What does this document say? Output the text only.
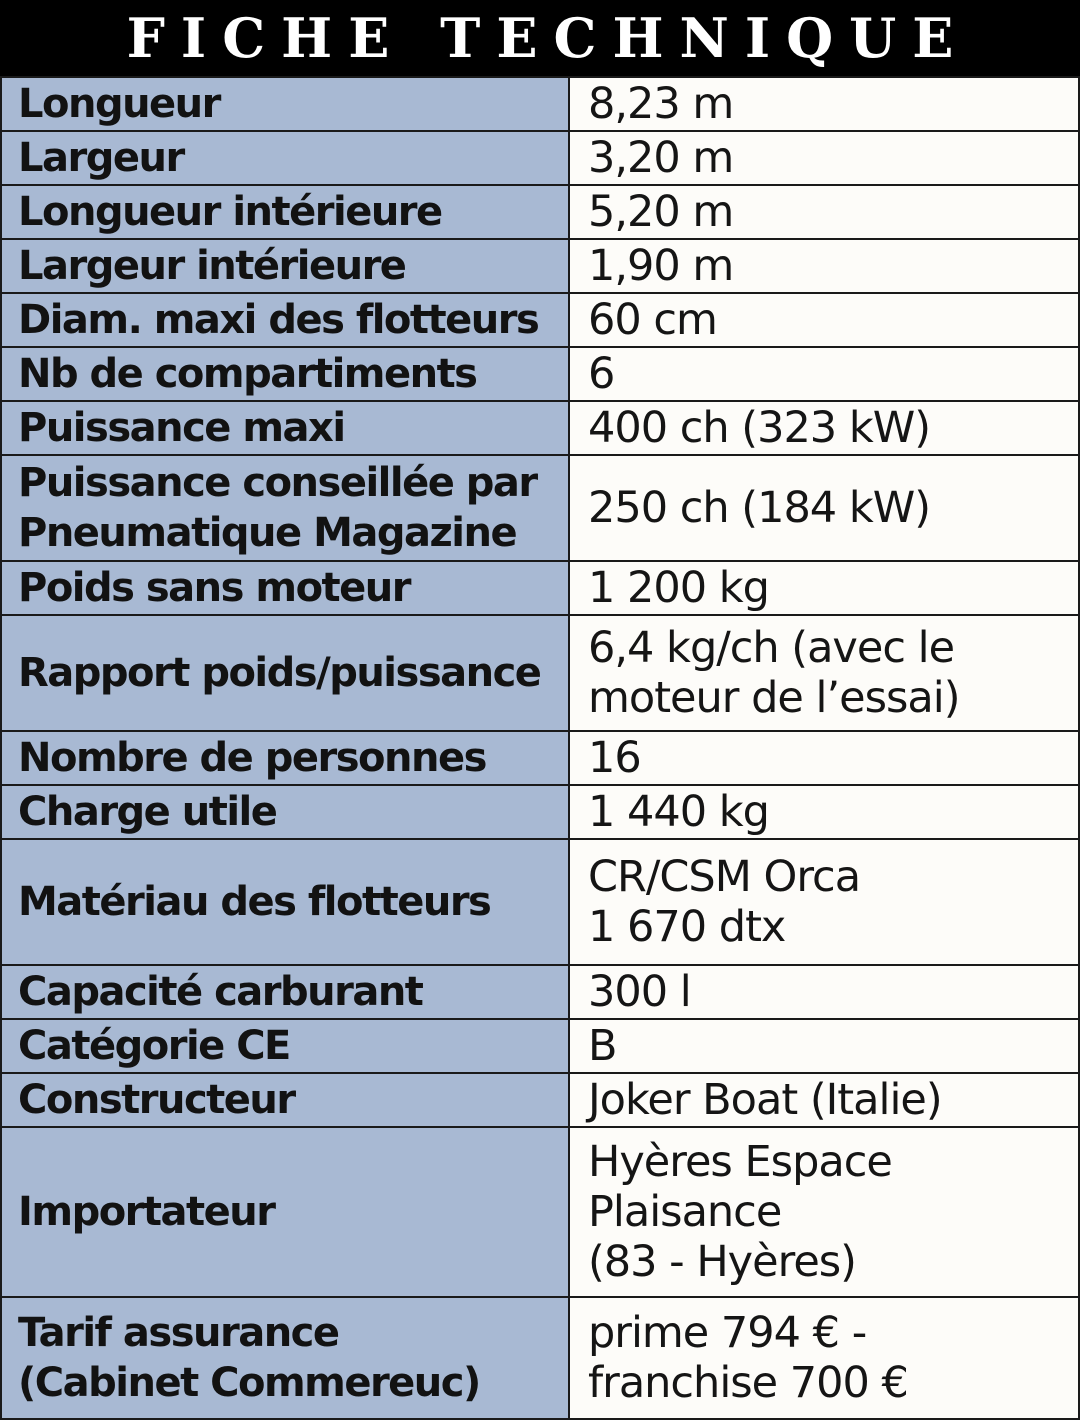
FICHE TECHNIQUE
Longueur	8,23 m

Largeur	3,20 m

Longueur intérieure	5,20 m

Largeur intérieure	1,90 m

Diam. maxi des flotteurs	60 cm

Nb de compartiments	6

Puissance maxi	400 ch (323 kW)

Puissance conseillée par
Pneumatique Magazine	250 ch (184 kW)

Poids sans moteur	1 200 kg

Rapport poids/puissance	6,4 kg/ch (avec le
moteur de l’essai)

Nombre de personnes	16

Charge utile	1 440 kg

Matériau des flotteurs	CR/CSM Orca
1 670 dtx

Capacité carburant	300 l

Catégorie CE	B

Constructeur	Joker Boat (Italie)

Importateur	Hyères Espace
Plaisance
(83 - Hyères)

Tarif assurance
(Cabinet Commereuc)	prime 794 € -
franchise 700 €
